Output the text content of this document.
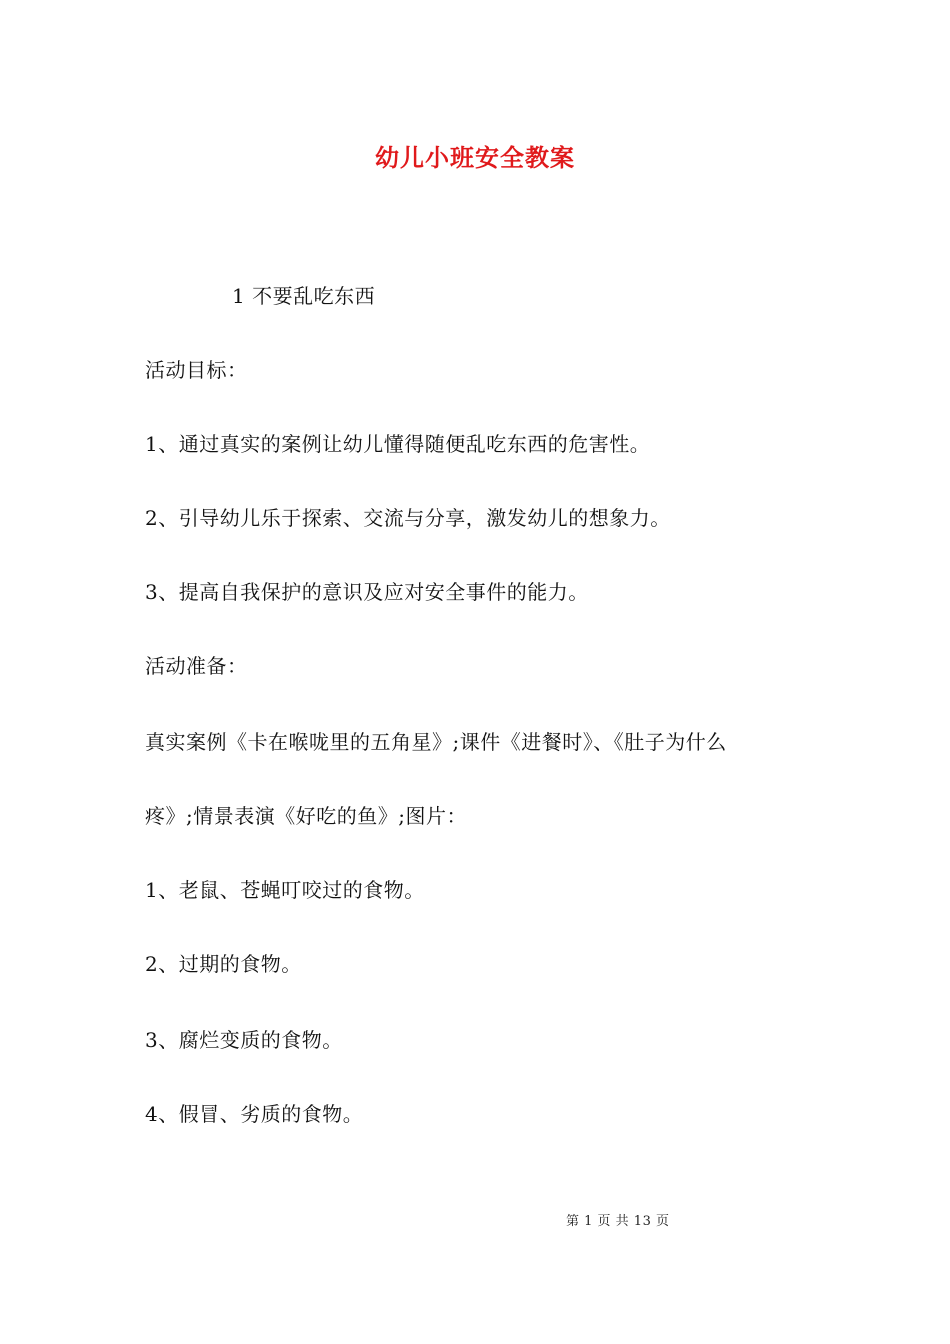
幼儿小班安全教案
1 不要乱吃东西
活动目标：
1、通过真实的案例让幼儿懂得随便乱吃东西的危害性。
2、引导幼儿乐于探索、交流与分享，激发幼儿的想象力。
3、提高自我保护的意识及应对安全事件的能力。
活动准备：
真实案例《卡在喉咙里的五角星》;课件《进餐时》、《肚子为什么
疼》;情景表演《好吃的鱼》;图片：
1、老鼠、苍蝇叮咬过的食物。
2、过期的食物。
3、腐烂变质的食物。
4、假冒、劣质的食物。
第 1 页 共 13 页
